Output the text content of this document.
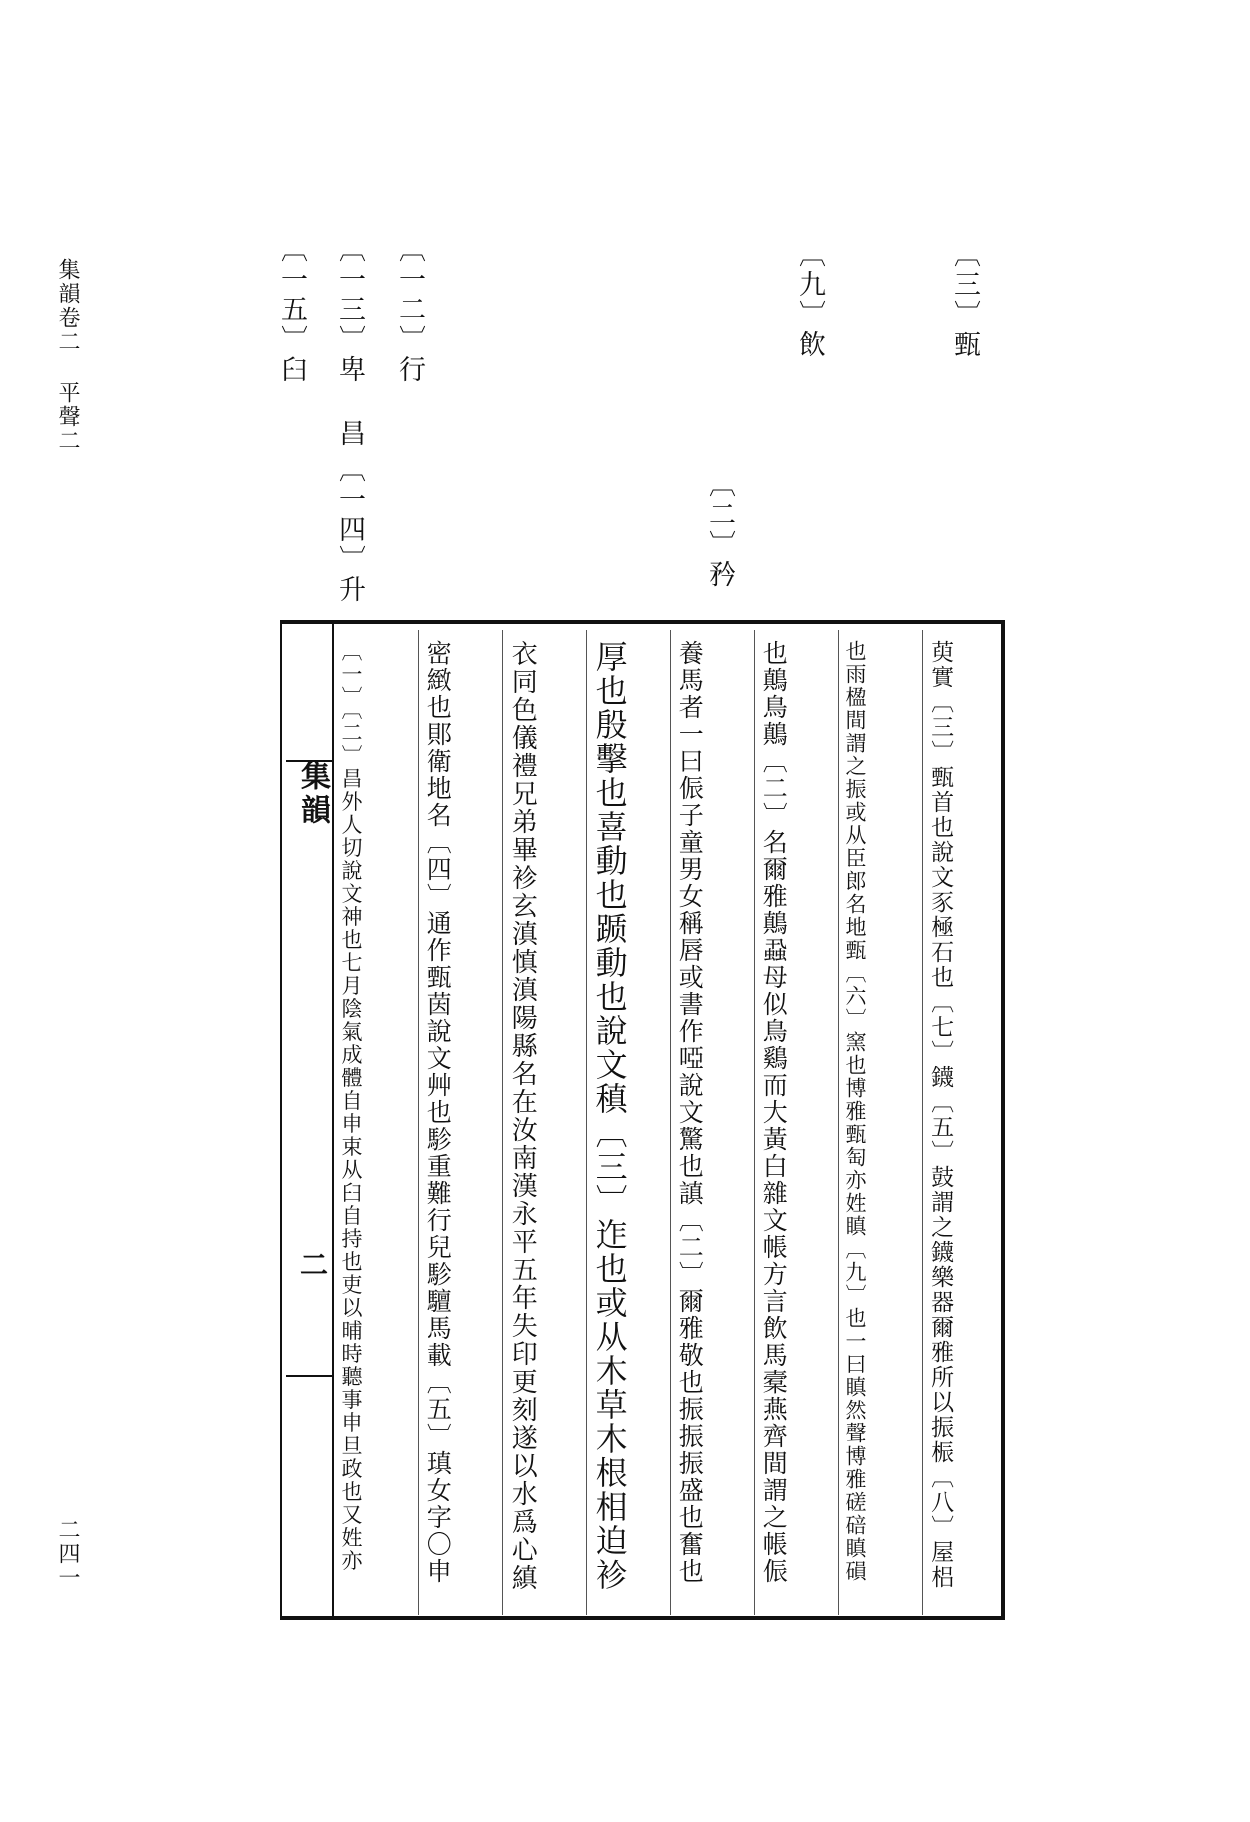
集韻卷二 平聲二
二四一
〔三〕甄
〔九〕飲
〔二〕矜
〔一二〕行
〔一三〕卑 昌
〔一四〕升
〔一五〕臼
集韻
二	萸實〔三〕甄首也說文豕極石也〔七〕鑖〔五〕鼓謂之鑖樂器爾雅所以振桭〔八〕屋梠
也雨楹間謂之振或从臣郎名地甄〔六〕窯也博雅甄匋亦姓瞋〔九〕也一曰瞋然聲博雅磋碚瞋磒
也鷏鳥鷏〔二〕名爾雅鷏蝨母似鳥鷄而大黃白雜文帳方言飲馬槖燕齊間謂之帳侲
養馬者一曰侲子童男女稱唇或書作啞說文驚也謓〔二〕爾雅敬也振振振盛也奮也
厚也殷擊也喜動也踬動也說文稹〔三〕迮也或从木草木根相迫袗
衣同色儀禮兄弟畢袗玄滇慎滇陽縣名在汝南漢永平五年失印更刻遂以水爲心縝
密緻也郥衛地名〔四〕通作甄茵說文艸也駗重難行兒駗驙馬載〔五〕瑱女字〇申
〔一〕〔二〕昌外人切說文神也七月陰氣成體自申束从臼自持也吏以晡時聽事申旦政也又姓亦
